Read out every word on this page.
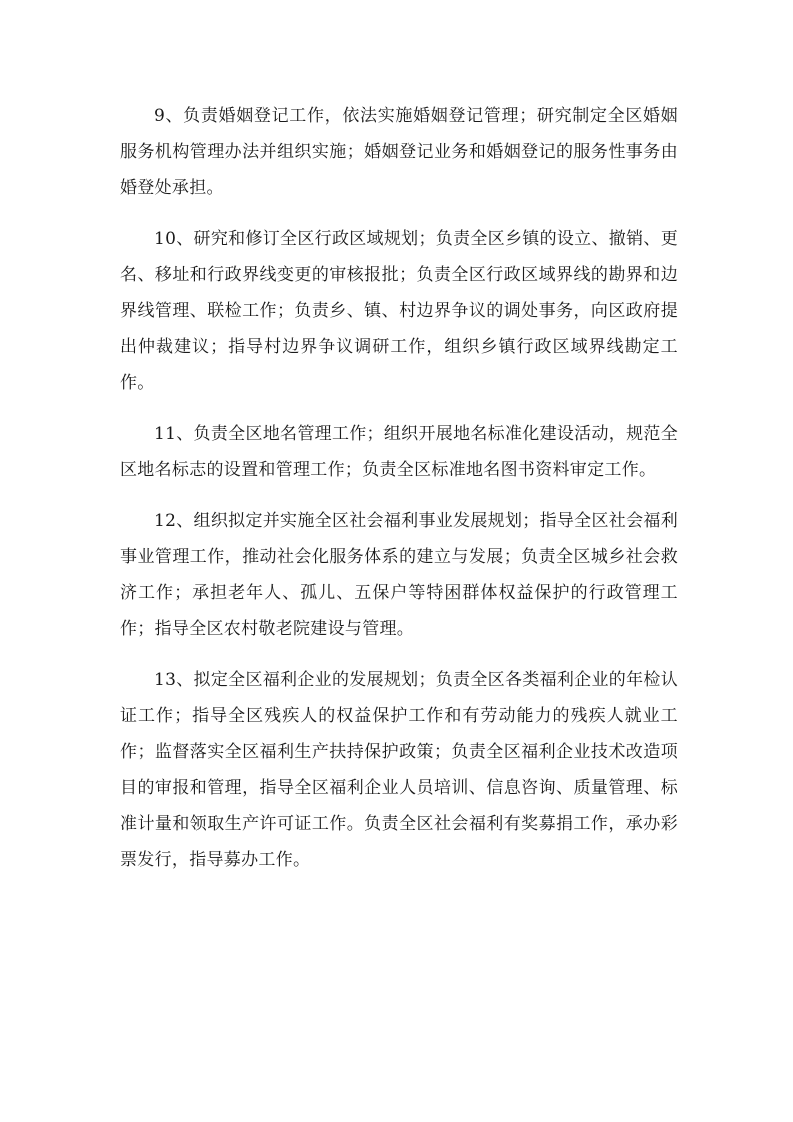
9、负责婚姻登记工作，依法实施婚姻登记管理；研究制定全区婚姻服务机构管理办法并组织实施；婚姻登记业务和婚姻登记的服务性事务由婚登处承担。

10、研究和修订全区行政区域规划；负责全区乡镇的设立、撤销、更名、移址和行政界线变更的审核报批；负责全区行政区域界线的勘界和边界线管理、联检工作；负责乡、镇、村边界争议的调处事务，向区政府提出仲裁建议；指导村边界争议调研工作，组织乡镇行政区域界线勘定工作。

11、负责全区地名管理工作；组织开展地名标准化建设活动，规范全区地名标志的设置和管理工作；负责全区标准地名图书资料审定工作。

12、组织拟定并实施全区社会福利事业发展规划；指导全区社会福利事业管理工作，推动社会化服务体系的建立与发展；负责全区城乡社会救济工作；承担老年人、孤儿、五保户等特困群体权益保护的行政管理工作；指导全区农村敬老院建设与管理。

13、拟定全区福利企业的发展规划；负责全区各类福利企业的年检认证工作；指导全区残疾人的权益保护工作和有劳动能力的残疾人就业工作；监督落实全区福利生产扶持保护政策；负责全区福利企业技术改造项目的审报和管理，指导全区福利企业人员培训、信息咨询、质量管理、标准计量和领取生产许可证工作。负责全区社会福利有奖募捐工作，承办彩票发行，指导募办工作。
